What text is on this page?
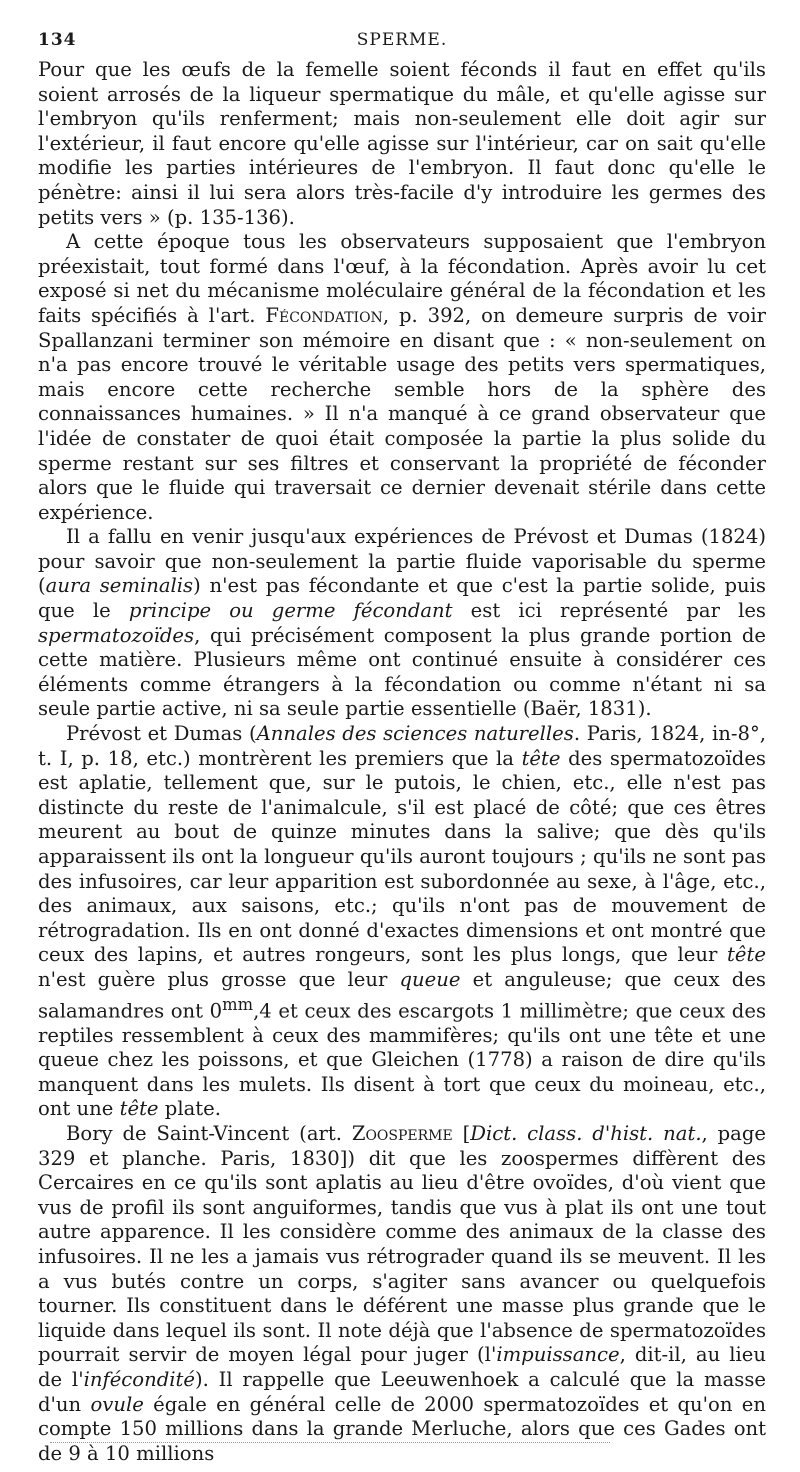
SPERME.
134

Pour que les œufs de la femelle soient féconds il faut en effet qu'ils soient arrosés de la liqueur spermatique du mâle, et qu'elle agisse sur l'embryon qu'ils renferment; mais non-seulement elle doit agir sur l'extérieur, il faut encore qu'elle agisse sur l'intérieur, car on sait qu'elle modifie les parties intérieures de l'embryon. Il faut donc qu'elle le pénètre: ainsi il lui sera alors très-facile d'y introduire les germes des petits vers » (p. 135-136).

A cette époque tous les observateurs supposaient que l'embryon préexistait, tout formé dans l'œuf, à la fécondation. Après avoir lu cet exposé si net du mécanisme moléculaire général de la fécondation et les faits spécifiés à l'art. Fécondation, p. 392, on demeure surpris de voir Spallanzani terminer son mémoire en disant que : « non-seulement on n'a pas encore trouvé le véritable usage des petits vers spermatiques, mais encore cette recherche semble hors de la sphère des connaissances humaines. » Il n'a manqué à ce grand observateur que l'idée de constater de quoi était composée la partie la plus solide du sperme restant sur ses filtres et conservant la propriété de féconder alors que le fluide qui traversait ce dernier devenait stérile dans cette expérience.

Il a fallu en venir jusqu'aux expériences de Prévost et Dumas (1824) pour savoir que non-seulement la partie fluide vaporisable du sperme (aura seminalis) n'est pas fécondante et que c'est la partie solide, puis que le principe ou germe fécondant est ici représenté par les spermatozoïdes, qui précisément composent la plus grande portion de cette matière. Plusieurs même ont continué ensuite à considérer ces éléments comme étrangers à la fécondation ou comme n'étant ni sa seule partie active, ni sa seule partie essentielle (Baër, 1831).

Prévost et Dumas (Annales des sciences naturelles. Paris, 1824, in-8°, t. I, p. 18, etc.) montrèrent les premiers que la tête des spermatozoïdes est aplatie, tellement que, sur le putois, le chien, etc., elle n'est pas distincte du reste de l'animalcule, s'il est placé de côté; que ces êtres meurent au bout de quinze minutes dans la salive; que dès qu'ils apparaissent ils ont la longueur qu'ils auront toujours ; qu'ils ne sont pas des infusoires, car leur apparition est subordonnée au sexe, à l'âge, etc., des animaux, aux saisons, etc.; qu'ils n'ont pas de mouvement de rétrogradation. Ils en ont donné d'exactes dimensions et ont montré que ceux des lapins, et autres rongeurs, sont les plus longs, que leur tête n'est guère plus grosse que leur queue et anguleuse; que ceux des salamandres ont $0^{mm},4$ et ceux des escargots 1 millimètre; que ceux des reptiles ressemblent à ceux des mammifères; qu'ils ont une tête et une queue chez les poissons, et que Gleichen (1778) a raison de dire qu'ils manquent dans les mulets. Ils disent à tort que ceux du moineau, etc., ont une tête plate.

Bory de Saint-Vincent (art. Zoosperme [Dict. class. d'hist. nat., page 329 et planche. Paris, 1830]) dit que les zoospermes diffèrent des Cercaires en ce qu'ils sont aplatis au lieu d'être ovoïdes, d'où vient que vus de profil ils sont anguiformes, tandis que vus à plat ils ont une tout autre apparence. Il les considère comme des animaux de la classe des infusoires. Il ne les a jamais vus rétrograder quand ils se meuvent. Il les a vus butés contre un corps, s'agiter sans avancer ou quelquefois tourner. Ils constituent dans le déférent une masse plus grande que le liquide dans lequel ils sont. Il note déjà que l'absence de spermatozoïdes pourrait servir de moyen légal pour juger (l'impuissance, dit-il, au lieu de l'infécondité). Il rappelle que Leeuwenhoek a calculé que la masse d'un ovule égale en général celle de 2000 spermatozoïdes et qu'on en compte 150 millions dans la grande Merluche, alors que ces Gades ont de 9 à 10 millions
